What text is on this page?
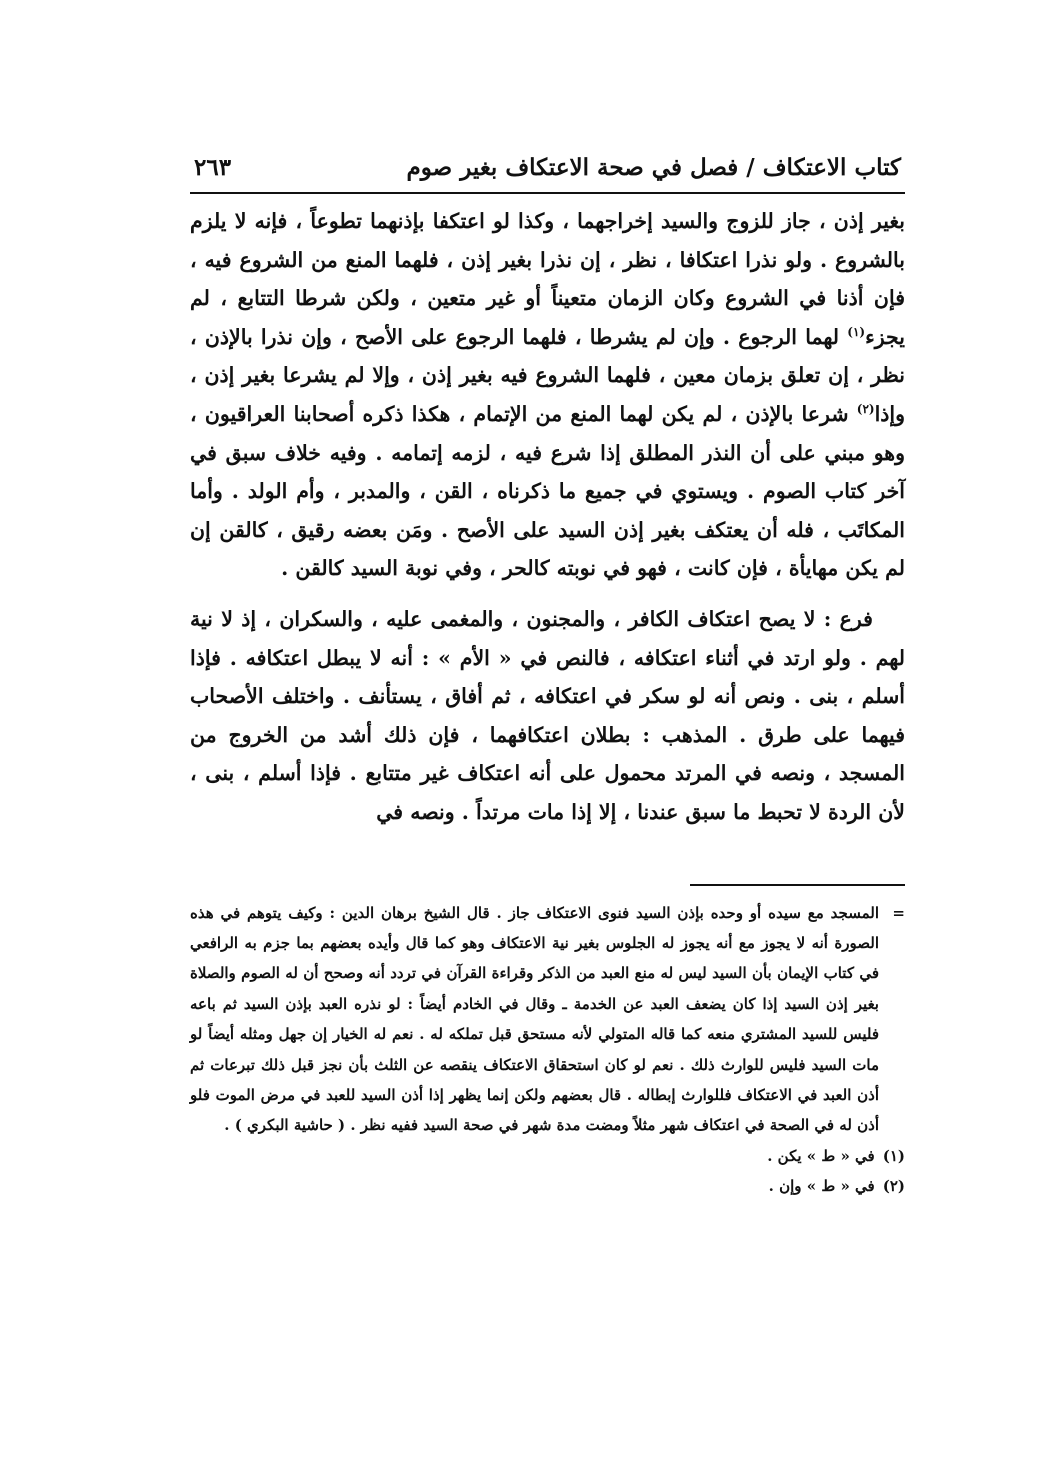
كتاب الاعتكاف / فصل في صحة الاعتكاف بغير صوم
٢٦٣

بغير إذن ، جاز للزوج والسيد إخراجهما ، وكذا لو اعتكفا بإذنهما تطوعاً ، فإنه لا يلزم بالشروع . ولو نذرا اعتكافا ، نظر ، إن نذرا بغير إذن ، فلهما المنع من الشروع فيه ، فإن أذنا في الشروع وكان الزمان متعيناً أو غير متعين ، ولكن شرطا التتابع ، لم يجزء$^{(١)}$ لهما الرجوع . وإن لم يشرطا ، فلهما الرجوع على الأصح ، وإن نذرا بالإذن ، نظر ، إن تعلق بزمان معين ، فلهما الشروع فيه بغير إذن ، وإلا لم يشرعا بغير إذن ، وإذا$^{(٢)}$ شرعا بالإذن ، لم يكن لهما المنع من الإتمام ، هكذا ذكره أصحابنا العراقيون ، وهو مبني على أن النذر المطلق إذا شرع فيه ، لزمه إتمامه . وفيه خلاف سبق في آخر كتاب الصوم . ويستوي في جميع ما ذكرناه ، القن ، والمدبر ، وأم الولد . وأما المكاتَب ، فله أن يعتكف بغير إذن السيد على الأصح . ومَن بعضه رقيق ، كالقن إن لم يكن مهايأة ، فإن كانت ، فهو في نوبته كالحر ، وفي نوبة السيد كالقن .

فرع : لا يصح اعتكاف الكافر ، والمجنون ، والمغمى عليه ، والسكران ، إذ لا نية لهم . ولو ارتد في أثناء اعتكافه ، فالنص في « الأم » : أنه لا يبطل اعتكافه . فإذا أسلم ، بنى . ونص أنه لو سكر في اعتكافه ، ثم أفاق ، يستأنف . واختلف الأصحاب فيهما على طرق . المذهب : بطلان اعتكافهما ، فإن ذلك أشد من الخروج من المسجد ، ونصه في المرتد محمول على أنه اعتكاف غير متتابع . فإذا أسلم ، بنى ، لأن الردة لا تحبط ما سبق عندنا ، إلا إذا مات مرتداً . ونصه في

=
المسجد مع سيده أو وحده بإذن السيد فنوى الاعتكاف جاز . قال الشيخ برهان الدين : وكيف يتوهم في هذه الصورة أنه لا يجوز مع أنه يجوز له الجلوس بغير نية الاعتكاف وهو كما قال وأيده بعضهم بما جزم به الرافعي في كتاب الإيمان بأن السيد ليس له منع العبد من الذكر وقراءة القرآن في تردد أنه وصحح أن له الصوم والصلاة بغير إذن السيد إذا كان يضعف العبد عن الخدمة ـ وقال في الخادم أيضاً : لو نذره العبد بإذن السيد ثم باعه فليس للسيد المشتري منعه كما قاله المتولي لأنه مستحق قبل تملكه له . نعم له الخيار إن جهل ومثله أيضاً لو مات السيد فليس للوارث ذلك . نعم لو كان استحقاق الاعتكاف ينقصه عن الثلث بأن نجز قبل ذلك تبرعات ثم أذن العبد في الاعتكاف فللوارث إبطاله . قال بعضهم ولكن إنما يظهر إذا أذن السيد للعبد في مرض الموت فلو أذن له في الصحة في اعتكاف شهر مثلاً ومضت مدة شهر في صحة السيد ففيه نظر . ( حاشية البكري ) .

(١)في « ط » يكن .

(٢)في « ط » وإن .
